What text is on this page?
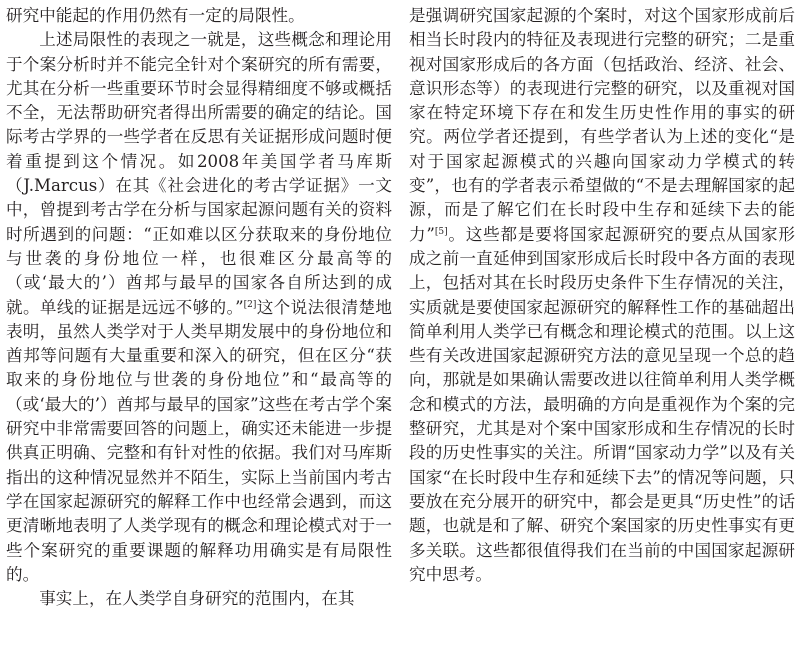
研究中能起的作用仍然有一定的局限性。

上述局限性的表现之一就是，这些概念和理论用于个案分析时并不能完全针对个案研究的所有需要，尤其在分析一些重要环节时会显得精细度不够或概括不全，无法帮助研究者得出所需要的确定的结论。国际考古学界的一些学者在反思有关证据形成问题时便着重提到这个情况。如2008年美国学者马库斯（J.Marcus）在其《社会进化的考古学证据》一文中，曾提到考古学在分析与国家起源问题有关的资料时所遇到的问题：“正如难以区分获取来的身份地位与世袭的身份地位一样，也很难区分最高等的（或‘最大的’）酋邦与最早的国家各自所达到的成就。单线的证据是远远不够的。”[2]这个说法很清楚地表明，虽然人类学对于人类早期发展中的身份地位和酋邦等问题有大量重要和深入的研究，但在区分“获取来的身份地位与世袭的身份地位”和“最高等的（或‘最大的’）酋邦与最早的国家”这些在考古学个案研究中非常需要回答的问题上，确实还未能进一步提供真正明确、完整和有针对性的依据。我们对马库斯指出的这种情况显然并不陌生，实际上当前国内考古学在国家起源研究的解释工作中也经常会遇到，而这更清晰地表明了人类学现有的概念和理论模式对于一些个案研究的重要课题的解释功用确实是有局限性的。

事实上，在人类学自身研究的范围内，在其

是强调研究国家起源的个案时，对这个国家形成前后相当长时段内的特征及表现进行完整的研究；二是重视对国家形成后的各方面（包括政治、经济、社会、意识形态等）的表现进行完整的研究，以及重视对国家在特定环境下存在和发生历史性作用的事实的研究。两位学者还提到，有些学者认为上述的变化“是对于国家起源模式的兴趣向国家动力学模式的转变”，也有的学者表示希望做的“不是去理解国家的起源，而是了解它们在长时段中生存和延续下去的能力”[5]。这些都是要将国家起源研究的要点从国家形成之前一直延伸到国家形成后长时段中各方面的表现上，包括对其在长时段历史条件下生存情况的关注，实质就是要使国家起源研究的解释性工作的基础超出简单利用人类学已有概念和理论模式的范围。以上这些有关改进国家起源研究方法的意见呈现一个总的趋向，那就是如果确认需要改进以往简单利用人类学概念和模式的方法，最明确的方向是重视作为个案的完整研究，尤其是对个案中国家形成和生存情况的长时段的历史性事实的关注。所谓“国家动力学”以及有关国家“在长时段中生存和延续下去”的情况等问题，只要放在充分展开的研究中，都会是更具“历史性”的话题，也就是和了解、研究个案国家的历史性事实有更多关联。这些都很值得我们在当前的中国国家起源研究中思考。
